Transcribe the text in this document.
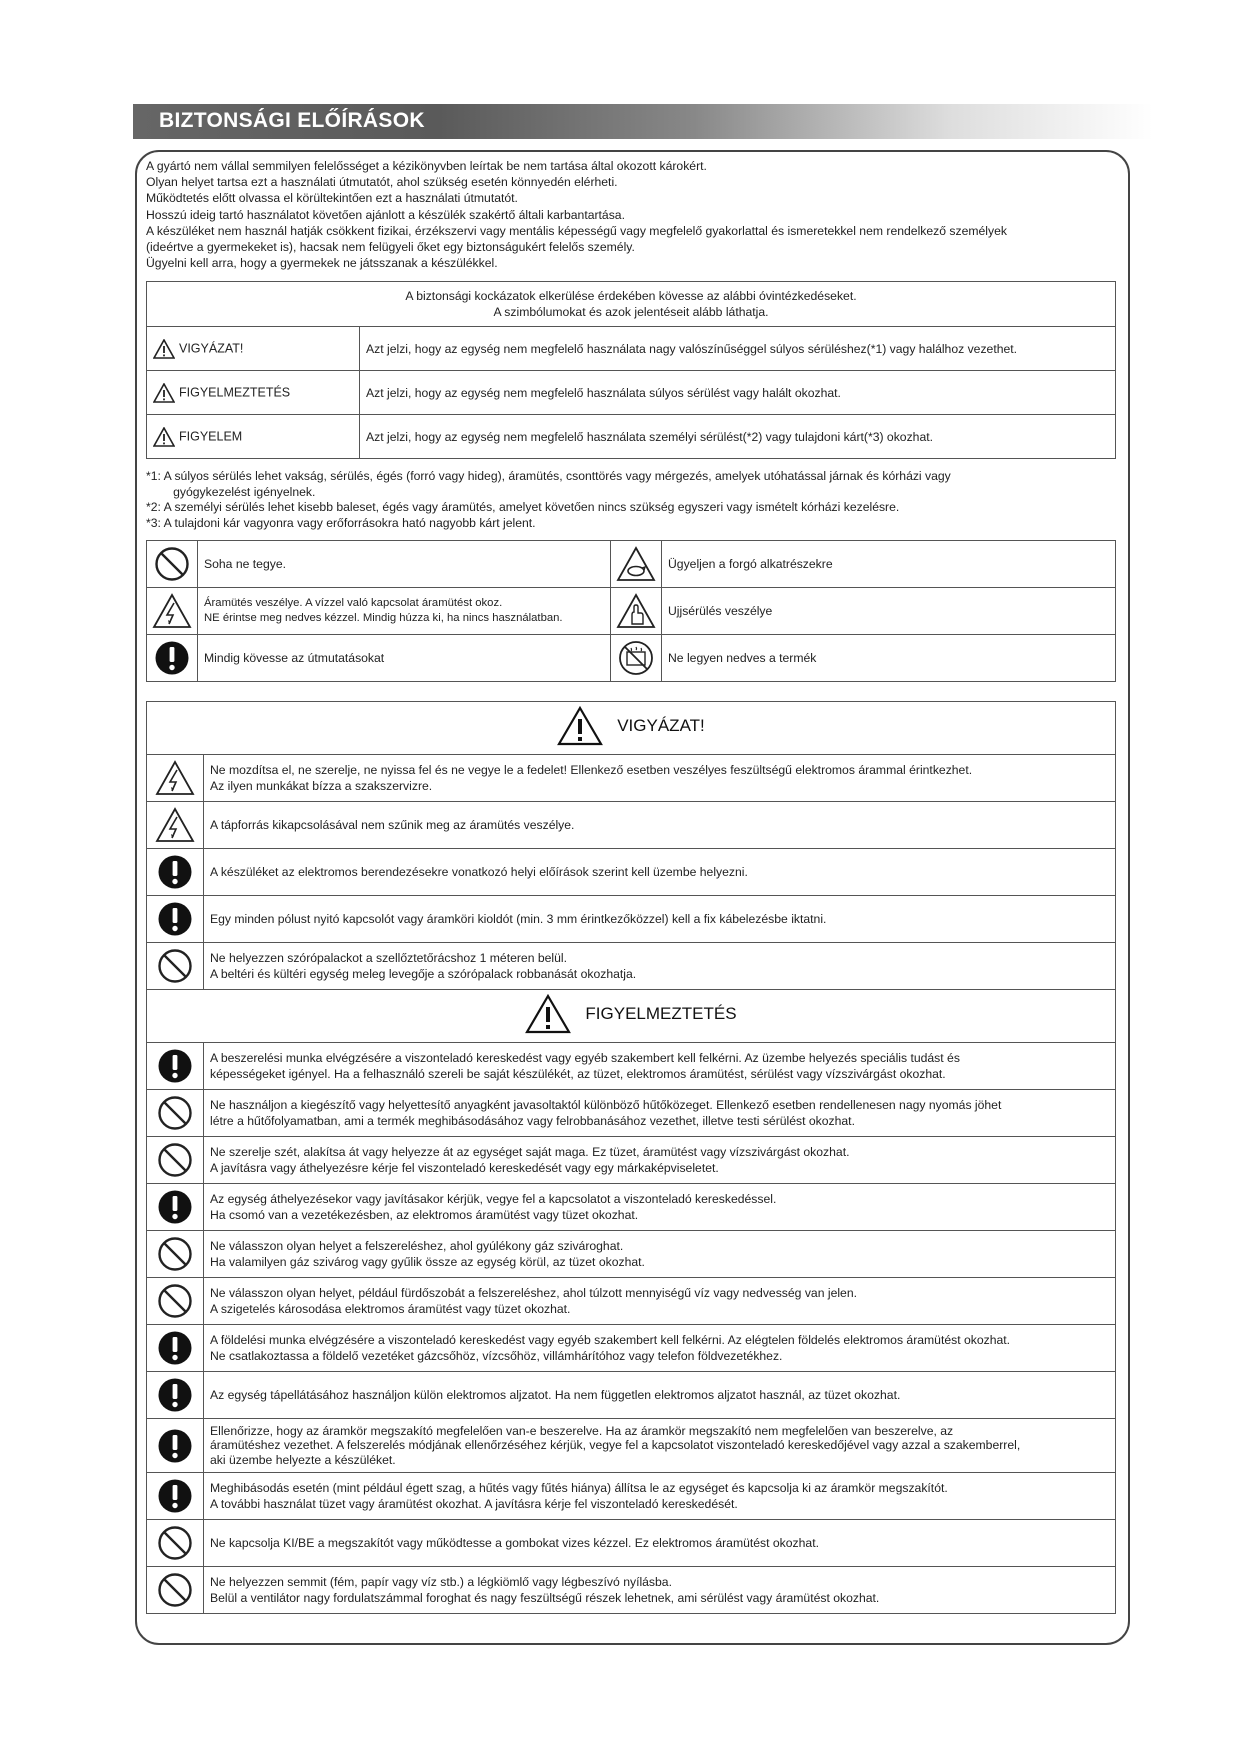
BIZTONSÁGI ELŐÍRÁSOK
A gyártó nem vállal semmilyen felelősséget a kézikönyvben leírtak be nem tartása által okozott károkért.
Olyan helyet tartsa ezt a használati útmutatót, ahol szükség esetén könnyedén elérheti.
Működtetés előtt olvassa el körültekintően ezt a használati útmutatót.
Hosszú ideig tartó használatot követően ajánlott a készülék szakértő általi karbantartása.
A készüléket nem használ hatják csökkent fizikai, érzékszervi vagy mentális képességű vagy megfelelő gyakorlattal és ismeretekkel nem rendelkező személyek
(ideértve a gyermekeket is), hacsak nem felügyeli őket egy biztonságukért felelős személy.
Ügyelni kell arra, hogy a gyermekek ne játsszanak a készülékkel.
A biztonsági kockázatok elkerülése érdekében kövesse az alábbi óvintézkedéseket.
A szimbólumokat és azok jelentéseit alább láthatja.	

VIGYÁZAT!	Azt jelzi, hogy az egység nem megfelelő használata nagy valószínűséggel súlyos sérüléshez(*1) vagy halálhoz vezethet.

FIGYELMEZTETÉS	Azt jelzi, hogy az egység nem megfelelő használata súlyos sérülést vagy halált okozhat.

FIGYELEM	Azt jelzi, hogy az egység nem megfelelő használata személyi sérülést(*2) vagy tulajdoni kárt(*3) okozhat.
*1: A súlyos sérülés lehet vakság, sérülés, égés (forró vagy hideg), áramütés, csonttörés vagy mérgezés, amelyek utóhatással járnak és kórházi vagy
gyógykezelést igényelnek.
*2: A személyi sérülés lehet kisebb baleset, égés vagy áramütés, amelyet követően nincs szükség egyszeri vagy ismételt kórházi kezelésre.
*3: A tulajdoni kár vagyonra vagy erőforrásokra ható nagyobb kárt jelent.

Soha ne tegye.		Ügyeljen a forgó alkatrészekre

Áramütés veszélye. A vízzel való kapcsolat áramütést okoz.
NE érintse meg nedves kézzel. Mindig húzza ki, ha nincs használatban.		Ujjsérülés veszélye

Mindig kövesse az útmutatásokat		Ne legyen nedves a termék
VIGYÁZAT!	

Ne mozdítsa el, ne szerelje, ne nyissa fel és ne vegye le a fedelet! Ellenkező esetben veszélyes feszültségű elektromos árammal érintkezhet.
Az ilyen munkákat bízza a szakszervizre.

A tápforrás kikapcsolásával nem szűnik meg az áramütés veszélye.

A készüléket az elektromos berendezésekre vonatkozó helyi előírások szerint kell üzembe helyezni.

Egy minden pólust nyitó kapcsolót vagy áramköri kioldót (min. 3 mm érintkezőközzel) kell a fix kábelezésbe iktatni.

Ne helyezzen szórópalackot a szellőztetőrácshoz 1 méteren belül.
A beltéri és kültéri egység meleg levegője a szórópalack robbanását okozhatja.

FIGYELMEZTETÉS	

A beszerelési munka elvégzésére a viszonteladó kereskedést vagy egyéb szakembert kell felkérni. Az üzembe helyezés speciális tudást és
képességeket igényel. Ha a felhasználó szereli be saját készülékét, az tüzet, elektromos áramütést, sérülést vagy vízszivárgást okozhat.

Ne használjon a kiegészítő vagy helyettesítő anyagként javasoltaktól különböző hűtőközeget. Ellenkező esetben rendellenesen nagy nyomás jöhet
létre a hűtőfolyamatban, ami a termék meghibásodásához vagy felrobbanásához vezethet, illetve testi sérülést okozhat.

Ne szerelje szét, alakítsa át vagy helyezze át az egységet saját maga. Ez tüzet, áramütést vagy vízszivárgást okozhat.
A javításra vagy áthelyezésre kérje fel viszonteladó kereskedését vagy egy márkaképviseletet.

Az egység áthelyezésekor vagy javításakor kérjük, vegye fel a kapcsolatot a viszonteladó kereskedéssel.
Ha csomó van a vezetékezésben, az elektromos áramütést vagy tüzet okozhat.

Ne válasszon olyan helyet a felszereléshez, ahol gyúlékony gáz szivároghat.
Ha valamilyen gáz szivárog vagy gyűlik össze az egység körül, az tüzet okozhat.

Ne válasszon olyan helyet, például fürdőszobát a felszereléshez, ahol túlzott mennyiségű víz vagy nedvesség van jelen.
A szigetelés károsodása elektromos áramütést vagy tüzet okozhat.

A földelési munka elvégzésére a viszonteladó kereskedést vagy egyéb szakembert kell felkérni. Az elégtelen földelés elektromos áramütést okozhat.
Ne csatlakoztassa a földelő vezetéket gázcsőhöz, vízcsőhöz, villámhárítóhoz vagy telefon földvezetékhez.

Az egység tápellátásához használjon külön elektromos aljzatot. Ha nem független elektromos aljzatot használ, az tüzet okozhat.

Ellenőrizze, hogy az áramkör megszakító megfelelően van-e beszerelve. Ha az áramkör megszakító nem megfelelően van beszerelve, az
áramütéshez vezethet. A felszerelés módjának ellenőrzéséhez kérjük, vegye fel a kapcsolatot viszonteladó kereskedőjével vagy azzal a szakemberrel,
aki üzembe helyezte a készüléket.

Meghibásodás esetén (mint például égett szag, a hűtés vagy fűtés hiánya) állítsa le az egységet és kapcsolja ki az áramkör megszakítót.
A további használat tüzet vagy áramütést okozhat. A javításra kérje fel viszonteladó kereskedését.

Ne kapcsolja KI/BE a megszakítót vagy működtesse a gombokat vizes kézzel. Ez elektromos áramütést okozhat.

Ne helyezzen semmit (fém, papír vagy víz stb.) a légkiömlő vagy légbeszívó nyílásba.
Belül a ventilátor nagy fordulatszámmal foroghat és nagy feszültségű részek lehetnek, ami sérülést vagy áramütést okozhat.
